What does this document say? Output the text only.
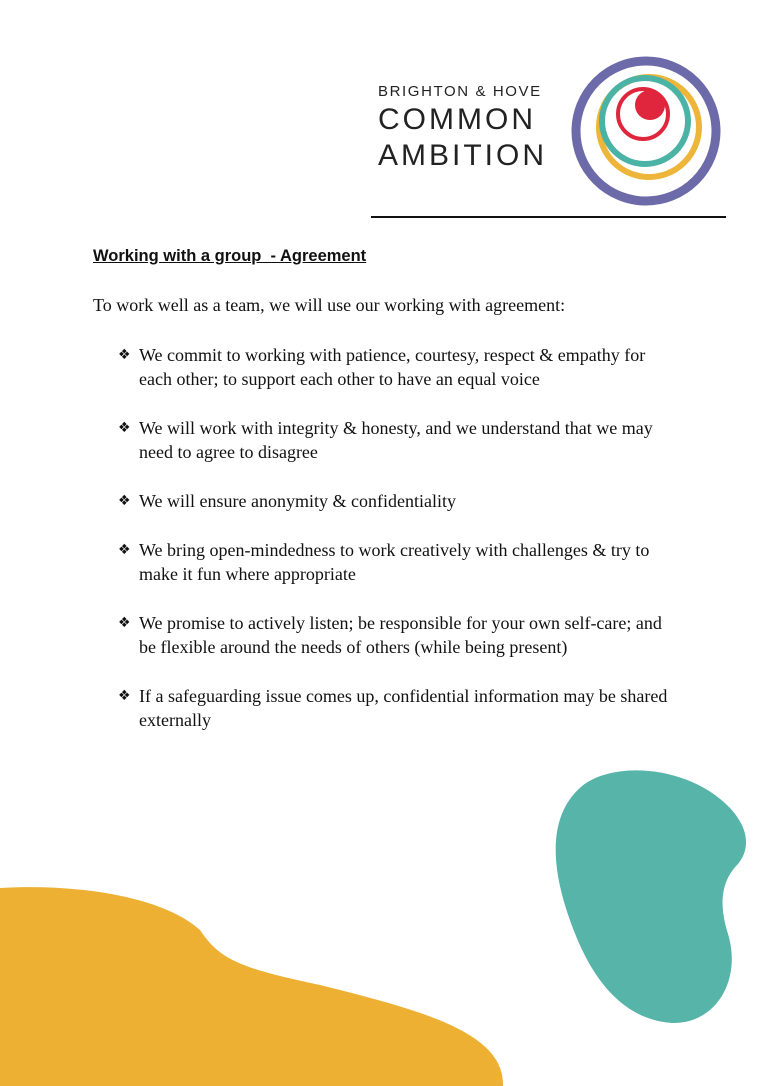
BRIGHTON & HOVE
COMMON
AMBITION
Working with a group  - Agreement
To work well as a team, we will use our working with agreement:
❖ We commit to working with patience, courtesy, respect & empathy for each other; to support each other to have an equal voice
❖ We will work with integrity & honesty, and we understand that we may need to agree to disagree
❖ We will ensure anonymity & confidentiality
❖ We bring open-mindedness to work creatively with challenges & try to make it fun where appropriate
❖ We promise to actively listen; be responsible for your own self-care; and be flexible around the needs of others (while being present)
❖ If a safeguarding issue comes up, confidential information may be shared externally
